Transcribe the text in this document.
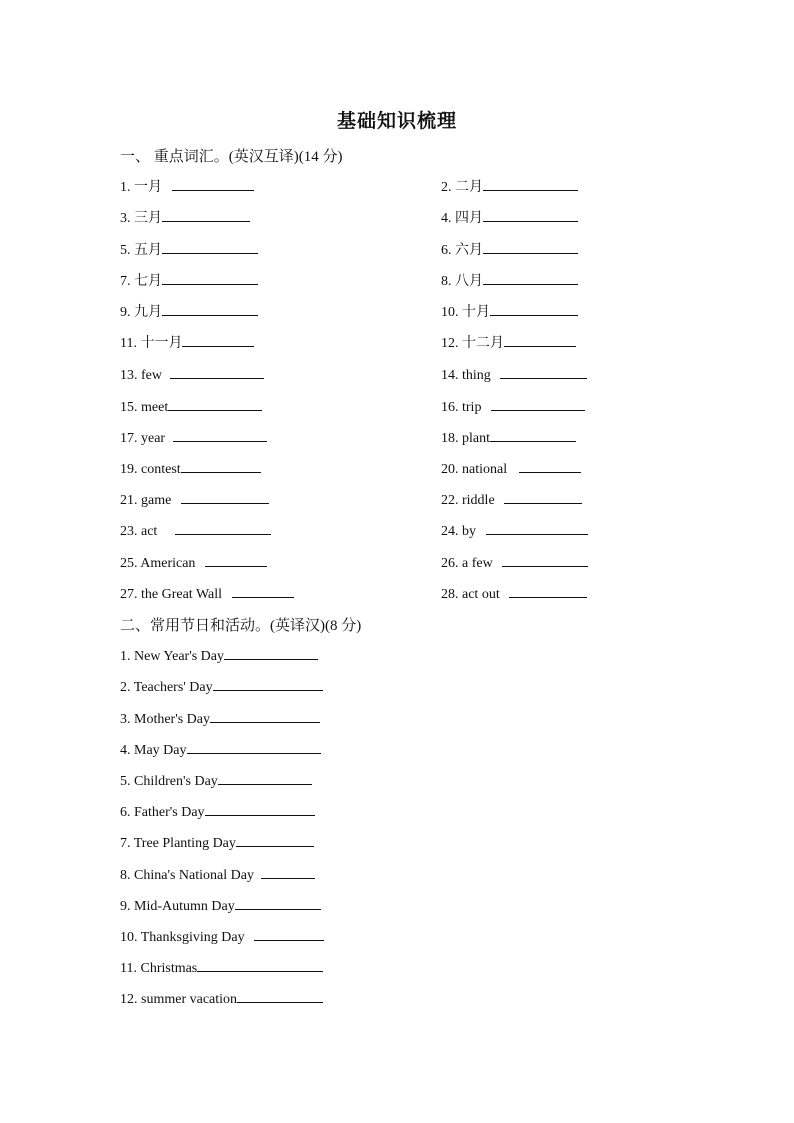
基础知识梳理
一、 重点词汇。(英汉互译)(14 分)
1. 一月	2. 二月
3. 三月	4. 四月
5. 五月	6. 六月
7. 七月	8. 八月
9. 九月	10. 十月
11. 十一月	12. 十二月
13. few	14. thing
15. meet	16. trip
17. year	18. plant
19. contest	20. national
21. game	22. riddle
23. act	24. by
25. American	26. a few
27. the Great Wall	28. act out
二、常用节日和活动。(英译汉)(8 分)
1. New Year's Day
2. Teachers' Day
3. Mother's Day
4. May Day
5. Children's Day
6. Father's Day
7. Tree Planting Day
8. China's National Day
9. Mid-Autumn Day
10. Thanksgiving Day
11. Christmas
12. summer vacation
